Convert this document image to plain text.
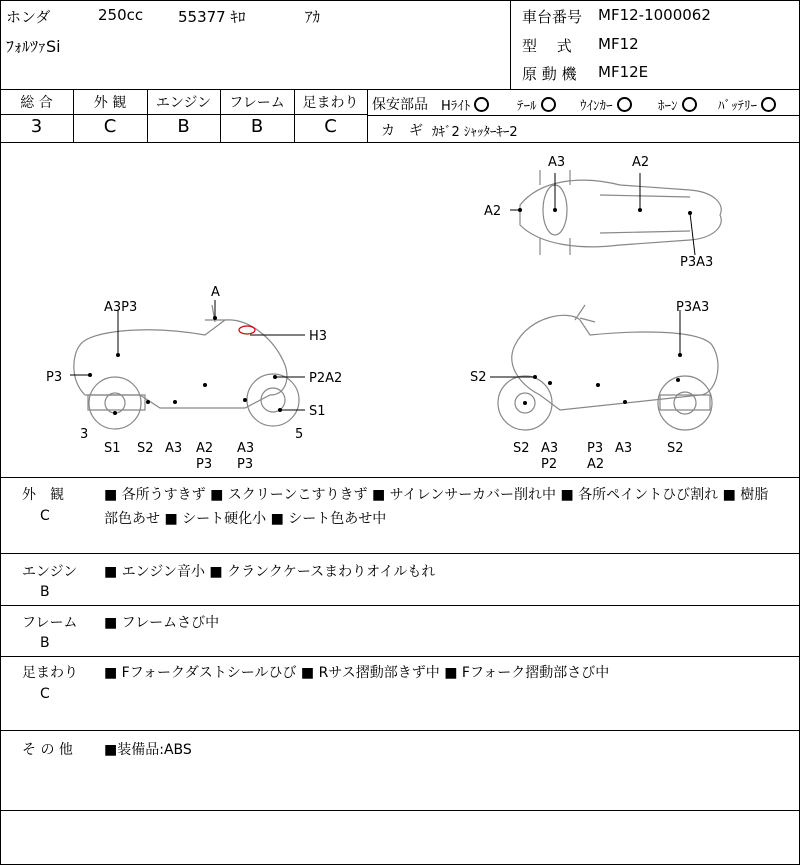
ホンダ	250cc 55377 ｷﾛ	ｱｶ
ﾌｫﾙﾂｧSi
車台番号 MF12-1000062
型　 式 MF12
原 動 機 MF12E
総 合
3
外 観
C
エンジン
B
フレーム
B
足まわり
C
保安部品 Hﾗｲﾄ	ﾃｰﾙ	ｳｲﾝｶｰ	ﾎｰﾝ	ﾊﾞｯﾃﾘｰ
カ　ギ ｶｷﾞ2 ｼｬｯﾀｰｷｰ2
A3	A2
A2
P3A3
A
A3P3
H3
P3	P2A2
S1
3	5
S1 S2 A3 A2
P3
A3
P3
P3A3
S2
S2 A3
P2
P3
A2
A3	S2
外　観
C
■ 各所うすきず ■ スクリーンこすりきず ■ サイレンサーカバー削れ中 ■ 各所ペイントひび割れ ■ 樹脂
部色あせ ■ シート硬化小 ■ シート色あせ中
エンジン
B
■ エンジン音小 ■ クランクケースまわりオイルもれ
フレーム
B
■ フレームさび中
足まわり
C
■ Fフォークダストシールひび ■ Rサス摺動部きず中 ■ Fフォーク摺動部さび中
そ の 他 ■装備品:ABS
